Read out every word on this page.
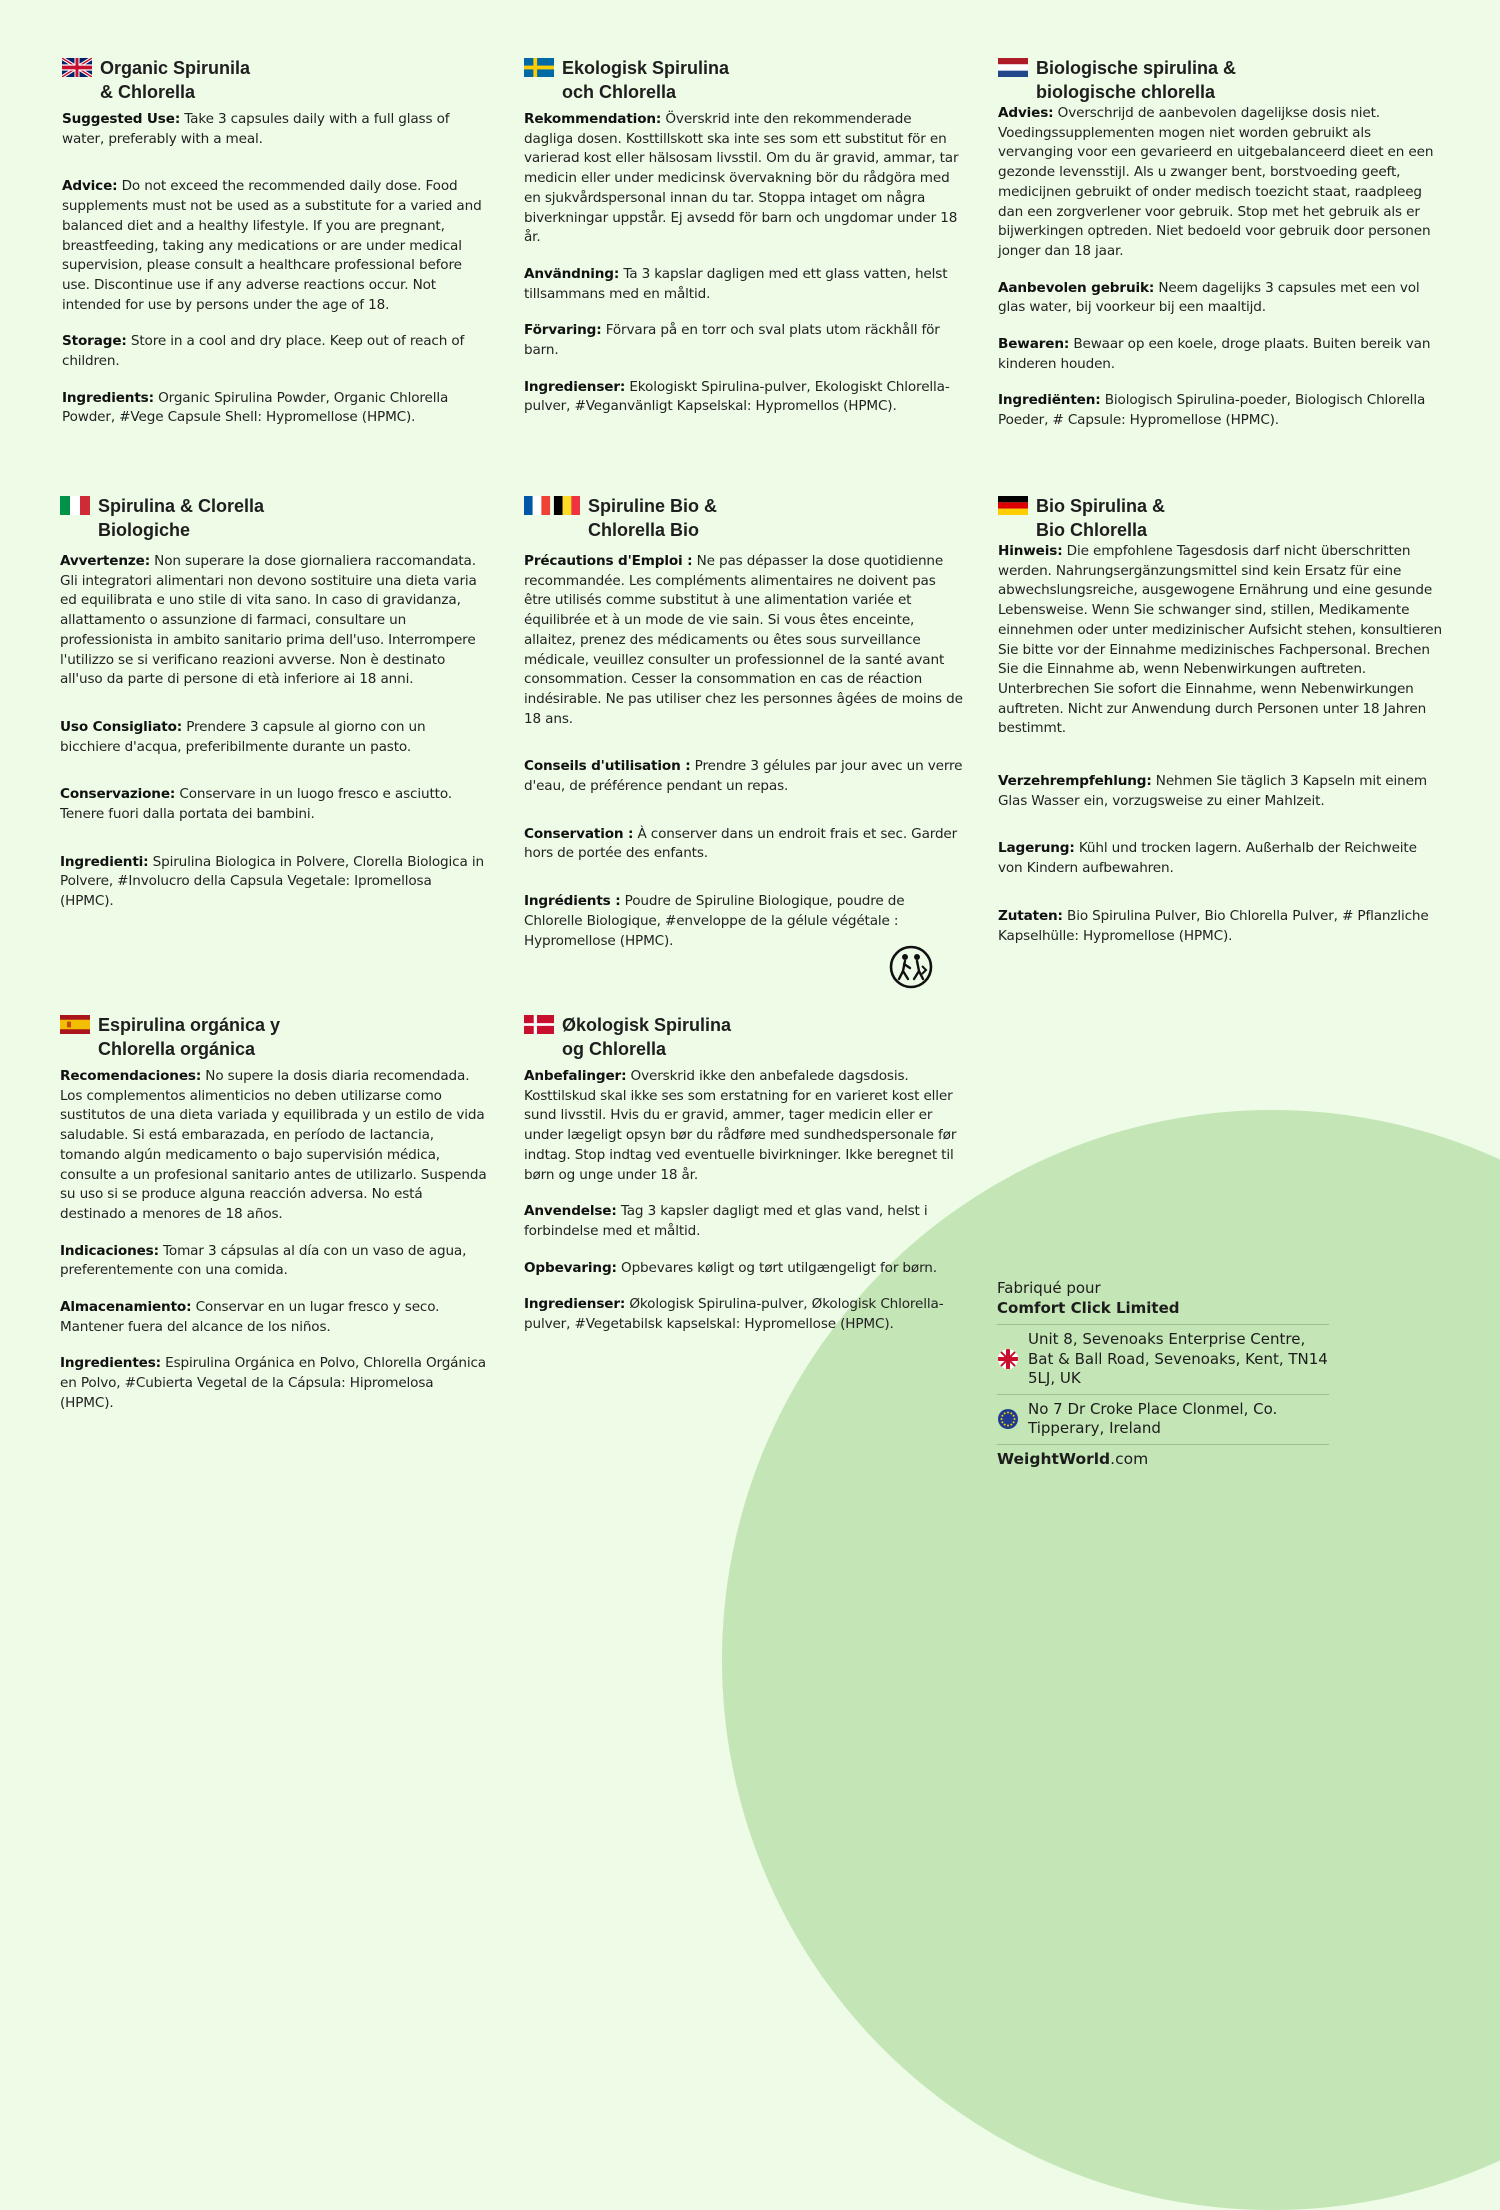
Organic Spirunila
& Chlorella

Suggested Use: Take 3 capsules daily with a full glass of water, preferably with a meal.

Advice: Do not exceed the recommended daily dose. Food supplements must not be used as a substitute for a varied and balanced diet and a healthy lifestyle. If you are pregnant, breastfeeding, taking any medications or are under medical supervision, please consult a healthcare professional before use. Discontinue use if any adverse reactions occur. Not intended for use by persons under the age of 18.

Storage: Store in a cool and dry place. Keep out of reach of children.

Ingredients: Organic Spirulina Powder, Organic Chlorella Powder, #Vege Capsule Shell: Hypromellose (HPMC).

Ekologisk Spirulina
och Chlorella

Rekommendation: Överskrid inte den rekommenderade dagliga dosen. Kosttillskott ska inte ses som ett substitut för en varierad kost eller hälsosam livsstil. Om du är gravid, ammar, tar medicin eller under medicinsk övervakning bör du rådgöra med en sjukvårdspersonal innan du tar. Stoppa intaget om några biverkningar uppstår. Ej avsedd för barn och ungdomar under 18 år.

Användning: Ta 3 kapslar dagligen med ett glass vatten, helst tillsammans med en måltid.

Förvaring: Förvara på en torr och sval plats utom räckhåll för barn.

Ingredienser: Ekologiskt Spirulina-pulver, Ekologiskt Chlorella-pulver, #Veganvänligt Kapselskal: Hypromellos (HPMC).

Biologische spirulina &
biologische chlorella

Advies: Overschrijd de aanbevolen dagelijkse dosis niet. Voedingssupplementen mogen niet worden gebruikt als vervanging voor een gevarieerd en uitgebalanceerd dieet en een gezonde levensstijl. Als u zwanger bent, borstvoeding geeft, medicijnen gebruikt of onder medisch toezicht staat, raadpleeg dan een zorgverlener voor gebruik. Stop met het gebruik als er bijwerkingen optreden. Niet bedoeld voor gebruik door personen jonger dan 18 jaar.

Aanbevolen gebruik: Neem dagelijks 3 capsules met een vol glas water, bij voorkeur bij een maaltijd.

Bewaren: Bewaar op een koele, droge plaats. Buiten bereik van kinderen houden.

Ingrediënten: Biologisch Spirulina-poeder, Biologisch Chlorella Poeder, # Capsule: Hypromellose (HPMC).

Spirulina & Clorella
Biologiche

Avvertenze: Non superare la dose giornaliera raccomandata. Gli integratori alimentari non devono sostituire una dieta varia ed equilibrata e uno stile di vita sano. In caso di gravidanza, allattamento o assunzione di farmaci, consultare un professionista in ambito sanitario prima dell'uso. Interrompere l'utilizzo se si verificano reazioni avverse. Non è destinato all'uso da parte di persone di età inferiore ai 18 anni.

Uso Consigliato: Prendere 3 capsule al giorno con un bicchiere d'acqua, preferibilmente durante un pasto.

Conservazione: Conservare in un luogo fresco e asciutto. Tenere fuori dalla portata dei bambini.

Ingredienti: Spirulina Biologica in Polvere, Clorella Biologica in Polvere, #Involucro della Capsula Vegetale: Ipromellosa (HPMC).

Spiruline Bio &
Chlorella Bio

Précautions d'Emploi : Ne pas dépasser la dose quotidienne recommandée. Les compléments alimentaires ne doivent pas être utilisés comme substitut à une alimentation variée et équilibrée et à un mode de vie sain. Si vous êtes enceinte, allaitez, prenez des médicaments ou êtes sous surveillance médicale, veuillez consulter un professionnel de la santé avant consommation. Cesser la consommation en cas de réaction indésirable. Ne pas utiliser chez les personnes âgées de moins de 18 ans.

Conseils d'utilisation : Prendre 3 gélules par jour avec un verre d'eau, de préférence pendant un repas.

Conservation : À conserver dans un endroit frais et sec. Garder hors de portée des enfants.

Ingrédients : Poudre de Spiruline Biologique, poudre de Chlorelle Biologique, #enveloppe de la gélule végétale : Hypromellose (HPMC).

Bio Spirulina &
Bio Chlorella

Hinweis: Die empfohlene Tagesdosis darf nicht überschritten werden. Nahrungsergänzungsmittel sind kein Ersatz für eine abwechslungsreiche, ausgewogene Ernährung und eine gesunde Lebensweise. Wenn Sie schwanger sind, stillen, Medikamente einnehmen oder unter medizinischer Aufsicht stehen, konsultieren Sie bitte vor der Einnahme medizinisches Fachpersonal. Brechen Sie die Einnahme ab, wenn Nebenwirkungen auftreten. Unterbrechen Sie sofort die Einnahme, wenn Nebenwirkungen auftreten. Nicht zur Anwendung durch Personen unter 18 Jahren bestimmt.

Verzehrempfehlung: Nehmen Sie täglich 3 Kapseln mit einem Glas Wasser ein, vorzugsweise zu einer Mahlzeit.

Lagerung: Kühl und trocken lagern. Außerhalb der Reichweite von Kindern aufbewahren.

Zutaten: Bio Spirulina Pulver, Bio Chlorella Pulver, # Pflanzliche Kapselhülle: Hypromellose (HPMC).

Espirulina orgánica y
Chlorella orgánica

Recomendaciones: No supere la dosis diaria recomendada. Los complementos alimenticios no deben utilizarse como sustitutos de una dieta variada y equilibrada y un estilo de vida saludable. Si está embarazada, en período de lactancia, tomando algún medicamento o bajo supervisión médica, consulte a un profesional sanitario antes de utilizarlo. Suspenda su uso si se produce alguna reacción adversa. No está destinado a menores de 18 años.

Indicaciones: Tomar 3 cápsulas al día con un vaso de agua, preferentemente con una comida.

Almacenamiento: Conservar en un lugar fresco y seco. Mantener fuera del alcance de los niños.

Ingredientes: Espirulina Orgánica en Polvo, Chlorella Orgánica en Polvo, #Cubierta Vegetal de la Cápsula: Hipromelosa (HPMC).

Økologisk Spirulina
og Chlorella

Anbefalinger: Overskrid ikke den anbefalede dagsdosis. Kosttilskud skal ikke ses som erstatning for en varieret kost eller sund livsstil. Hvis du er gravid, ammer, tager medicin eller er under lægeligt opsyn bør du rådføre med sundhedspersonale før indtag. Stop indtag ved eventuelle bivirkninger. Ikke beregnet til børn og unge under 18 år.

Anvendelse: Tag 3 kapsler dagligt med et glas vand, helst i forbindelse med et måltid.

Opbevaring: Opbevares køligt og tørt utilgængeligt for børn.

Ingredienser: Økologisk Spirulina-pulver, Økologisk Chlorella-pulver, #Vegetabilsk kapselskal: Hypromellose (HPMC).

Fabriqué pour
Comfort Click Limited
Unit 8, Sevenoaks Enterprise Centre, Bat & Ball Road, Sevenoaks, Kent, TN14 5LJ, UK
No 7 Dr Croke Place Clonmel, Co. Tipperary, Ireland
WeightWorld.com
